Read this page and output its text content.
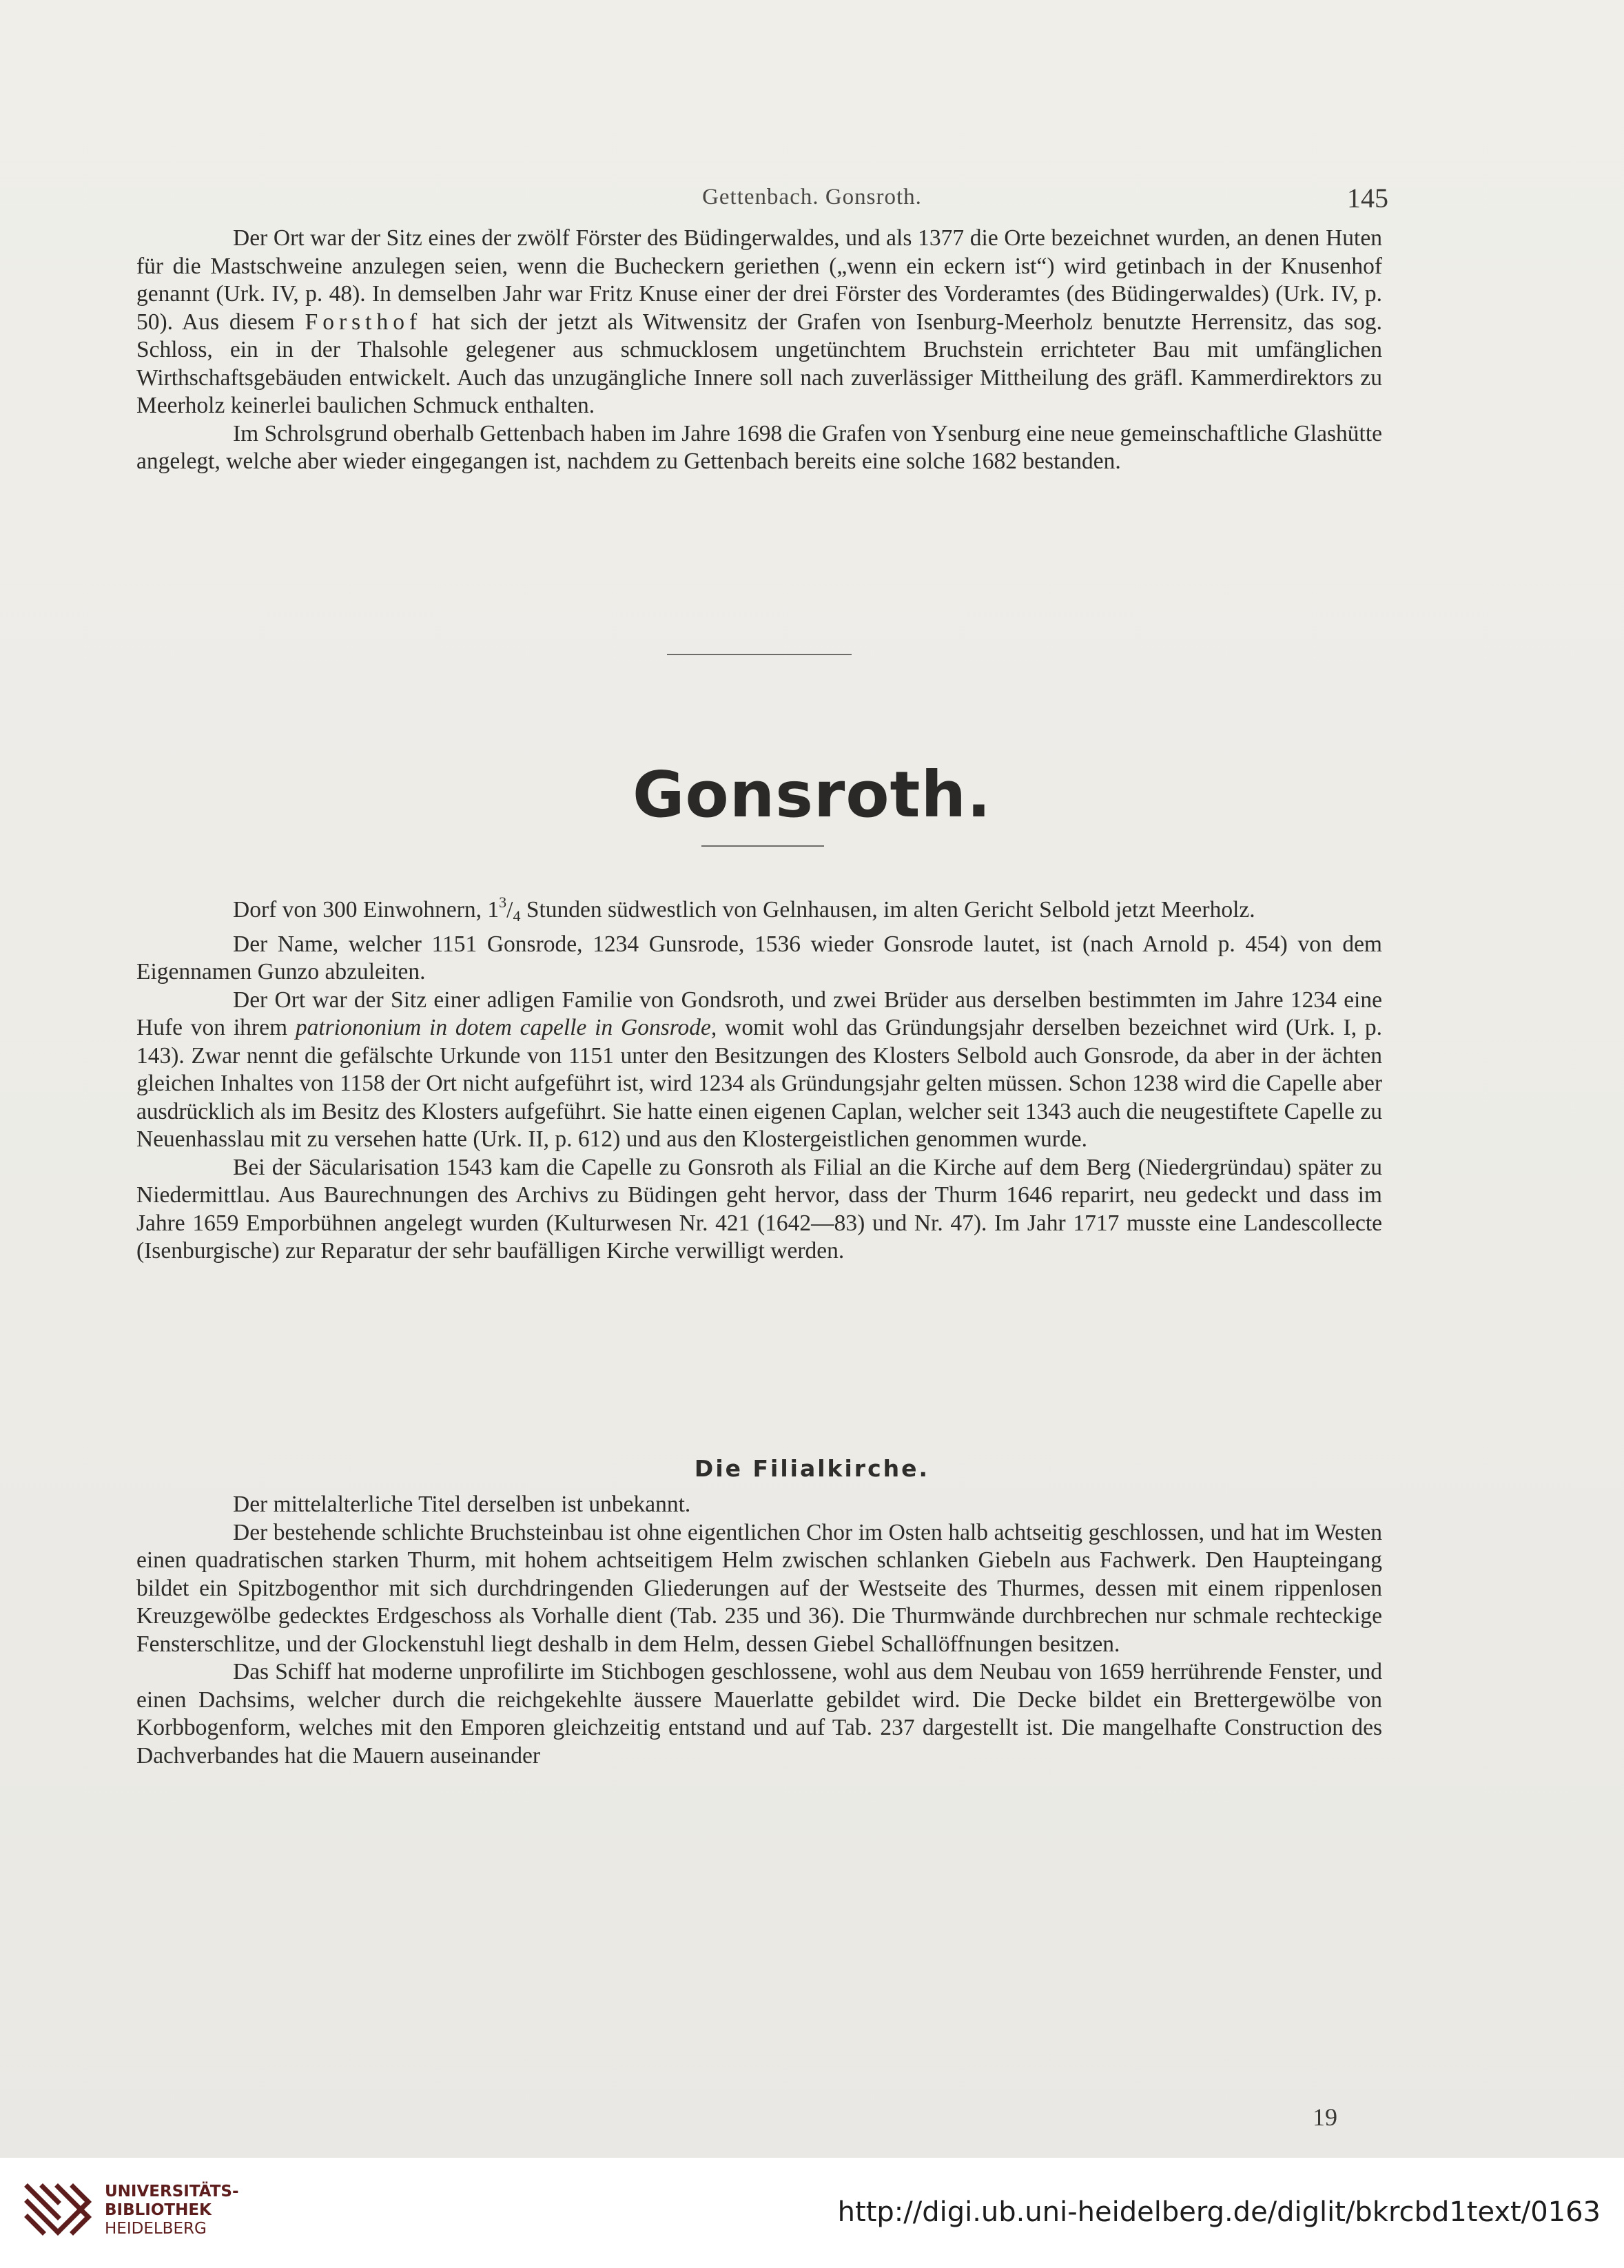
Gettenbach. Gonsroth.	145

Der Ort war der Sitz eines der zwölf Förster des Büdingerwaldes, und als 1377 die Orte bezeichnet wurden, an denen Huten für die Mastschweine anzulegen seien, wenn die Bucheckern geriethen („wenn ein eckern ist“) wird getinbach in der Knusenhof genannt (Urk. IV, p. 48). In demselben Jahr war Fritz Knuse einer der drei Förster des Vorderamtes (des Büdingerwaldes) (Urk. IV, p. 50). Aus diesem Forsthof hat sich der jetzt als Witwensitz der Grafen von Isenburg-Meerholz benutzte Herrensitz, das sog. Schloss, ein in der Thalsohle gelegener aus schmucklosem ungetünchtem Bruchstein errichteter Bau mit umfänglichen Wirthschaftsgebäuden entwickelt. Auch das unzugängliche Innere soll nach zuverlässiger Mittheilung des gräfl. Kammerdirektors zu Meerholz keinerlei baulichen Schmuck enthalten.

Im Schrolsgrund oberhalb Gettenbach haben im Jahre 1698 die Grafen von Ysenburg eine neue gemeinschaftliche Glashütte angelegt, welche aber wieder eingegangen ist, nachdem zu Gettenbach bereits eine solche 1682 bestanden.

Gonsroth.

Dorf von 300 Einwohnern, $1^3/_4$ Stunden südwestlich von Gelnhausen, im alten Gericht Selbold jetzt Meerholz.

Der Name, welcher 1151 Gonsrode, 1234 Gunsrode, 1536 wieder Gonsrode lautet, ist (nach Arnold p. 454) von dem Eigennamen Gunzo abzuleiten.

Der Ort war der Sitz einer adligen Familie von Gondsroth, und zwei Brüder aus derselben bestimmten im Jahre 1234 eine Hufe von ihrem patriononium in dotem capelle in Gonsrode, womit wohl das Gründungsjahr derselben bezeichnet wird (Urk. I, p. 143). Zwar nennt die gefälschte Urkunde von 1151 unter den Besitzungen des Klosters Selbold auch Gonsrode, da aber in der ächten gleichen Inhaltes von 1158 der Ort nicht aufgeführt ist, wird 1234 als Gründungsjahr gelten müssen. Schon 1238 wird die Capelle aber ausdrücklich als im Besitz des Klosters aufgeführt. Sie hatte einen eigenen Caplan, welcher seit 1343 auch die neugestiftete Capelle zu Neuenhasslau mit zu versehen hatte (Urk. II, p. 612) und aus den Klostergeistlichen genommen wurde.

Bei der Säcularisation 1543 kam die Capelle zu Gonsroth als Filial an die Kirche auf dem Berg (Niedergründau) später zu Niedermittlau. Aus Baurechnungen des Archivs zu Büdingen geht hervor, dass der Thurm 1646 reparirt, neu gedeckt und dass im Jahre 1659 Emporbühnen angelegt wurden (Kulturwesen Nr. 421 (1642—83) und Nr. 47). Im Jahr 1717 musste eine Landescollecte (Isenburgische) zur Reparatur der sehr baufälligen Kirche verwilligt werden.

Die Filialkirche.

Der mittelalterliche Titel derselben ist unbekannt.

Der bestehende schlichte Bruchsteinbau ist ohne eigentlichen Chor im Osten halb achtseitig geschlossen, und hat im Westen einen quadratischen starken Thurm, mit hohem achtseitigem Helm zwischen schlanken Giebeln aus Fachwerk. Den Haupteingang bildet ein Spitzbogenthor mit sich durchdringenden Gliederungen auf der Westseite des Thurmes, dessen mit einem rippenlosen Kreuzgewölbe gedecktes Erdgeschoss als Vorhalle dient (Tab. 235 und 36). Die Thurmwände durchbrechen nur schmale rechteckige Fensterschlitze, und der Glockenstuhl liegt deshalb in dem Helm, dessen Giebel Schallöffnungen besitzen.

Das Schiff hat moderne unprofilirte im Stichbogen geschlossene, wohl aus dem Neubau von 1659 herrührende Fenster, und einen Dachsims, welcher durch die reichgekehlte äussere Mauerlatte gebildet wird. Die Decke bildet ein Brettergewölbe von Korbbogenform, welches mit den Emporen gleichzeitig entstand und auf Tab. 237 dargestellt ist. Die mangelhafte Construction des Dachverbandes hat die Mauern auseinander

19
UNIVERSITÄTS-
BIBLIOTHEK
HEIDELBERG
http://digi.ub.uni-heidelberg.de/diglit/bkrcbd1text/0163
